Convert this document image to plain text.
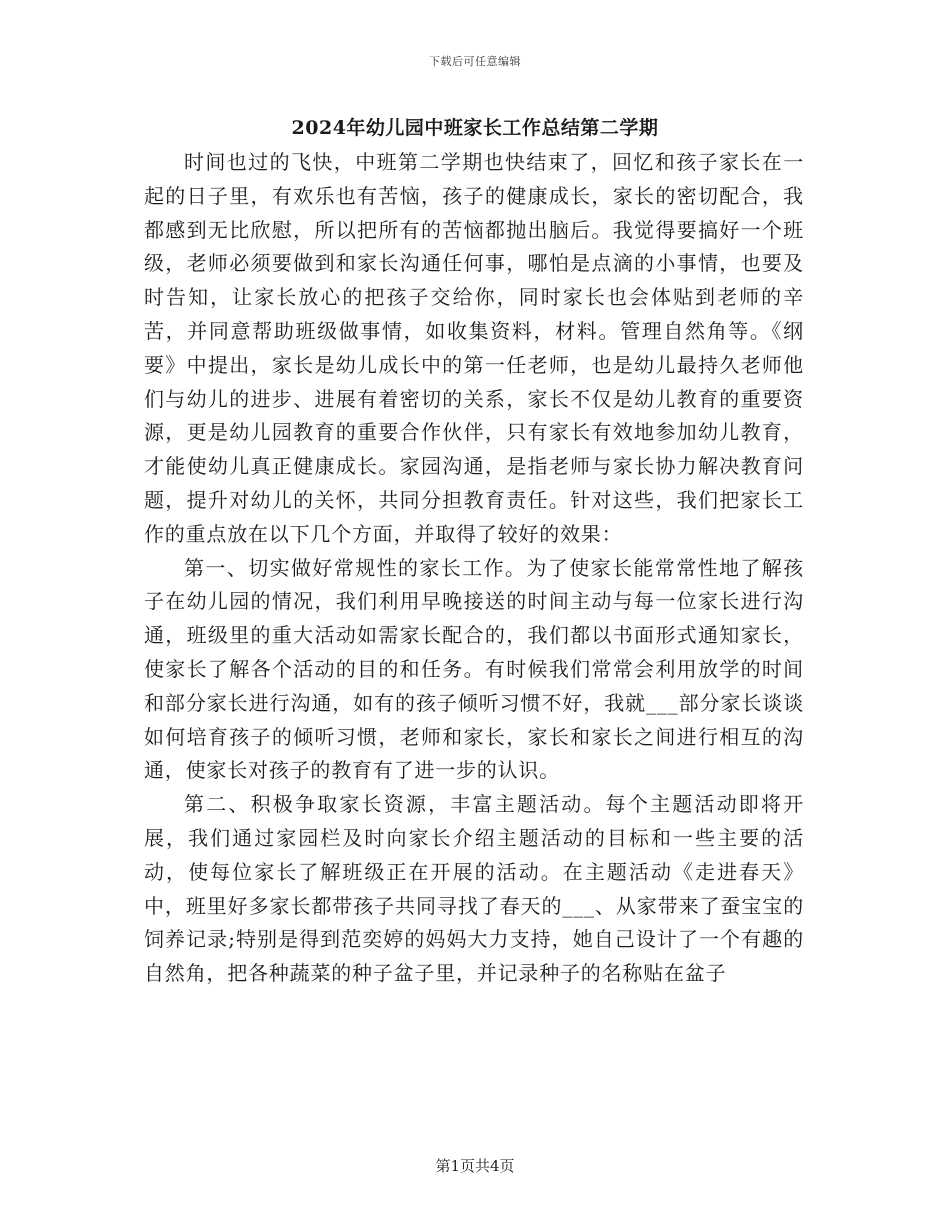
下载后可任意编辑
2024年幼儿园中班家长工作总结第二学期

时间也过的飞快，中班第二学期也快结束了，回忆和孩子家长在一起的日子里，有欢乐也有苦恼，孩子的健康成长，家长的密切配合，我都感到无比欣慰，所以把所有的苦恼都抛出脑后。我觉得要搞好一个班级，老师必须要做到和家长沟通任何事，哪怕是点滴的小事情，也要及时告知，让家长放心的把孩子交给你，同时家长也会体贴到老师的辛苦，并同意帮助班级做事情，如收集资料，材料。管理自然角等。《纲要》中提出，家长是幼儿成长中的第一任老师，也是幼儿最持久老师他们与幼儿的进步、进展有着密切的关系，家长不仅是幼儿教育的重要资源，更是幼儿园教育的重要合作伙伴，只有家长有效地参加幼儿教育，才能使幼儿真正健康成长。家园沟通，是指老师与家长协力解决教育问题，提升对幼儿的关怀，共同分担教育责任。针对这些，我们把家长工作的重点放在以下几个方面，并取得了较好的效果：

第一、切实做好常规性的家长工作。为了使家长能常常性地了解孩子在幼儿园的情况，我们利用早晚接送的时间主动与每一位家长进行沟通，班级里的重大活动如需家长配合的，我们都以书面形式通知家长，使家长了解各个活动的目的和任务。有时候我们常常会利用放学的时间和部分家长进行沟通，如有的孩子倾听习惯不好，我就___部分家长谈谈如何培育孩子的倾听习惯，老师和家长，家长和家长之间进行相互的沟通，使家长对孩子的教育有了进一步的认识。

第二、积极争取家长资源，丰富主题活动。每个主题活动即将开展，我们通过家园栏及时向家长介绍主题活动的目标和一些主要的活动，使每位家长了解班级正在开展的活动。在主题活动《走进春天》中，班里好多家长都带孩子共同寻找了春天的___、从家带来了蚕宝宝的饲养记录;特别是得到范奕婷的妈妈大力支持，她自己设计了一个有趣的自然角，把各种蔬菜的种子盆子里，并记录种子的名称贴在盆子

第1页共4页
